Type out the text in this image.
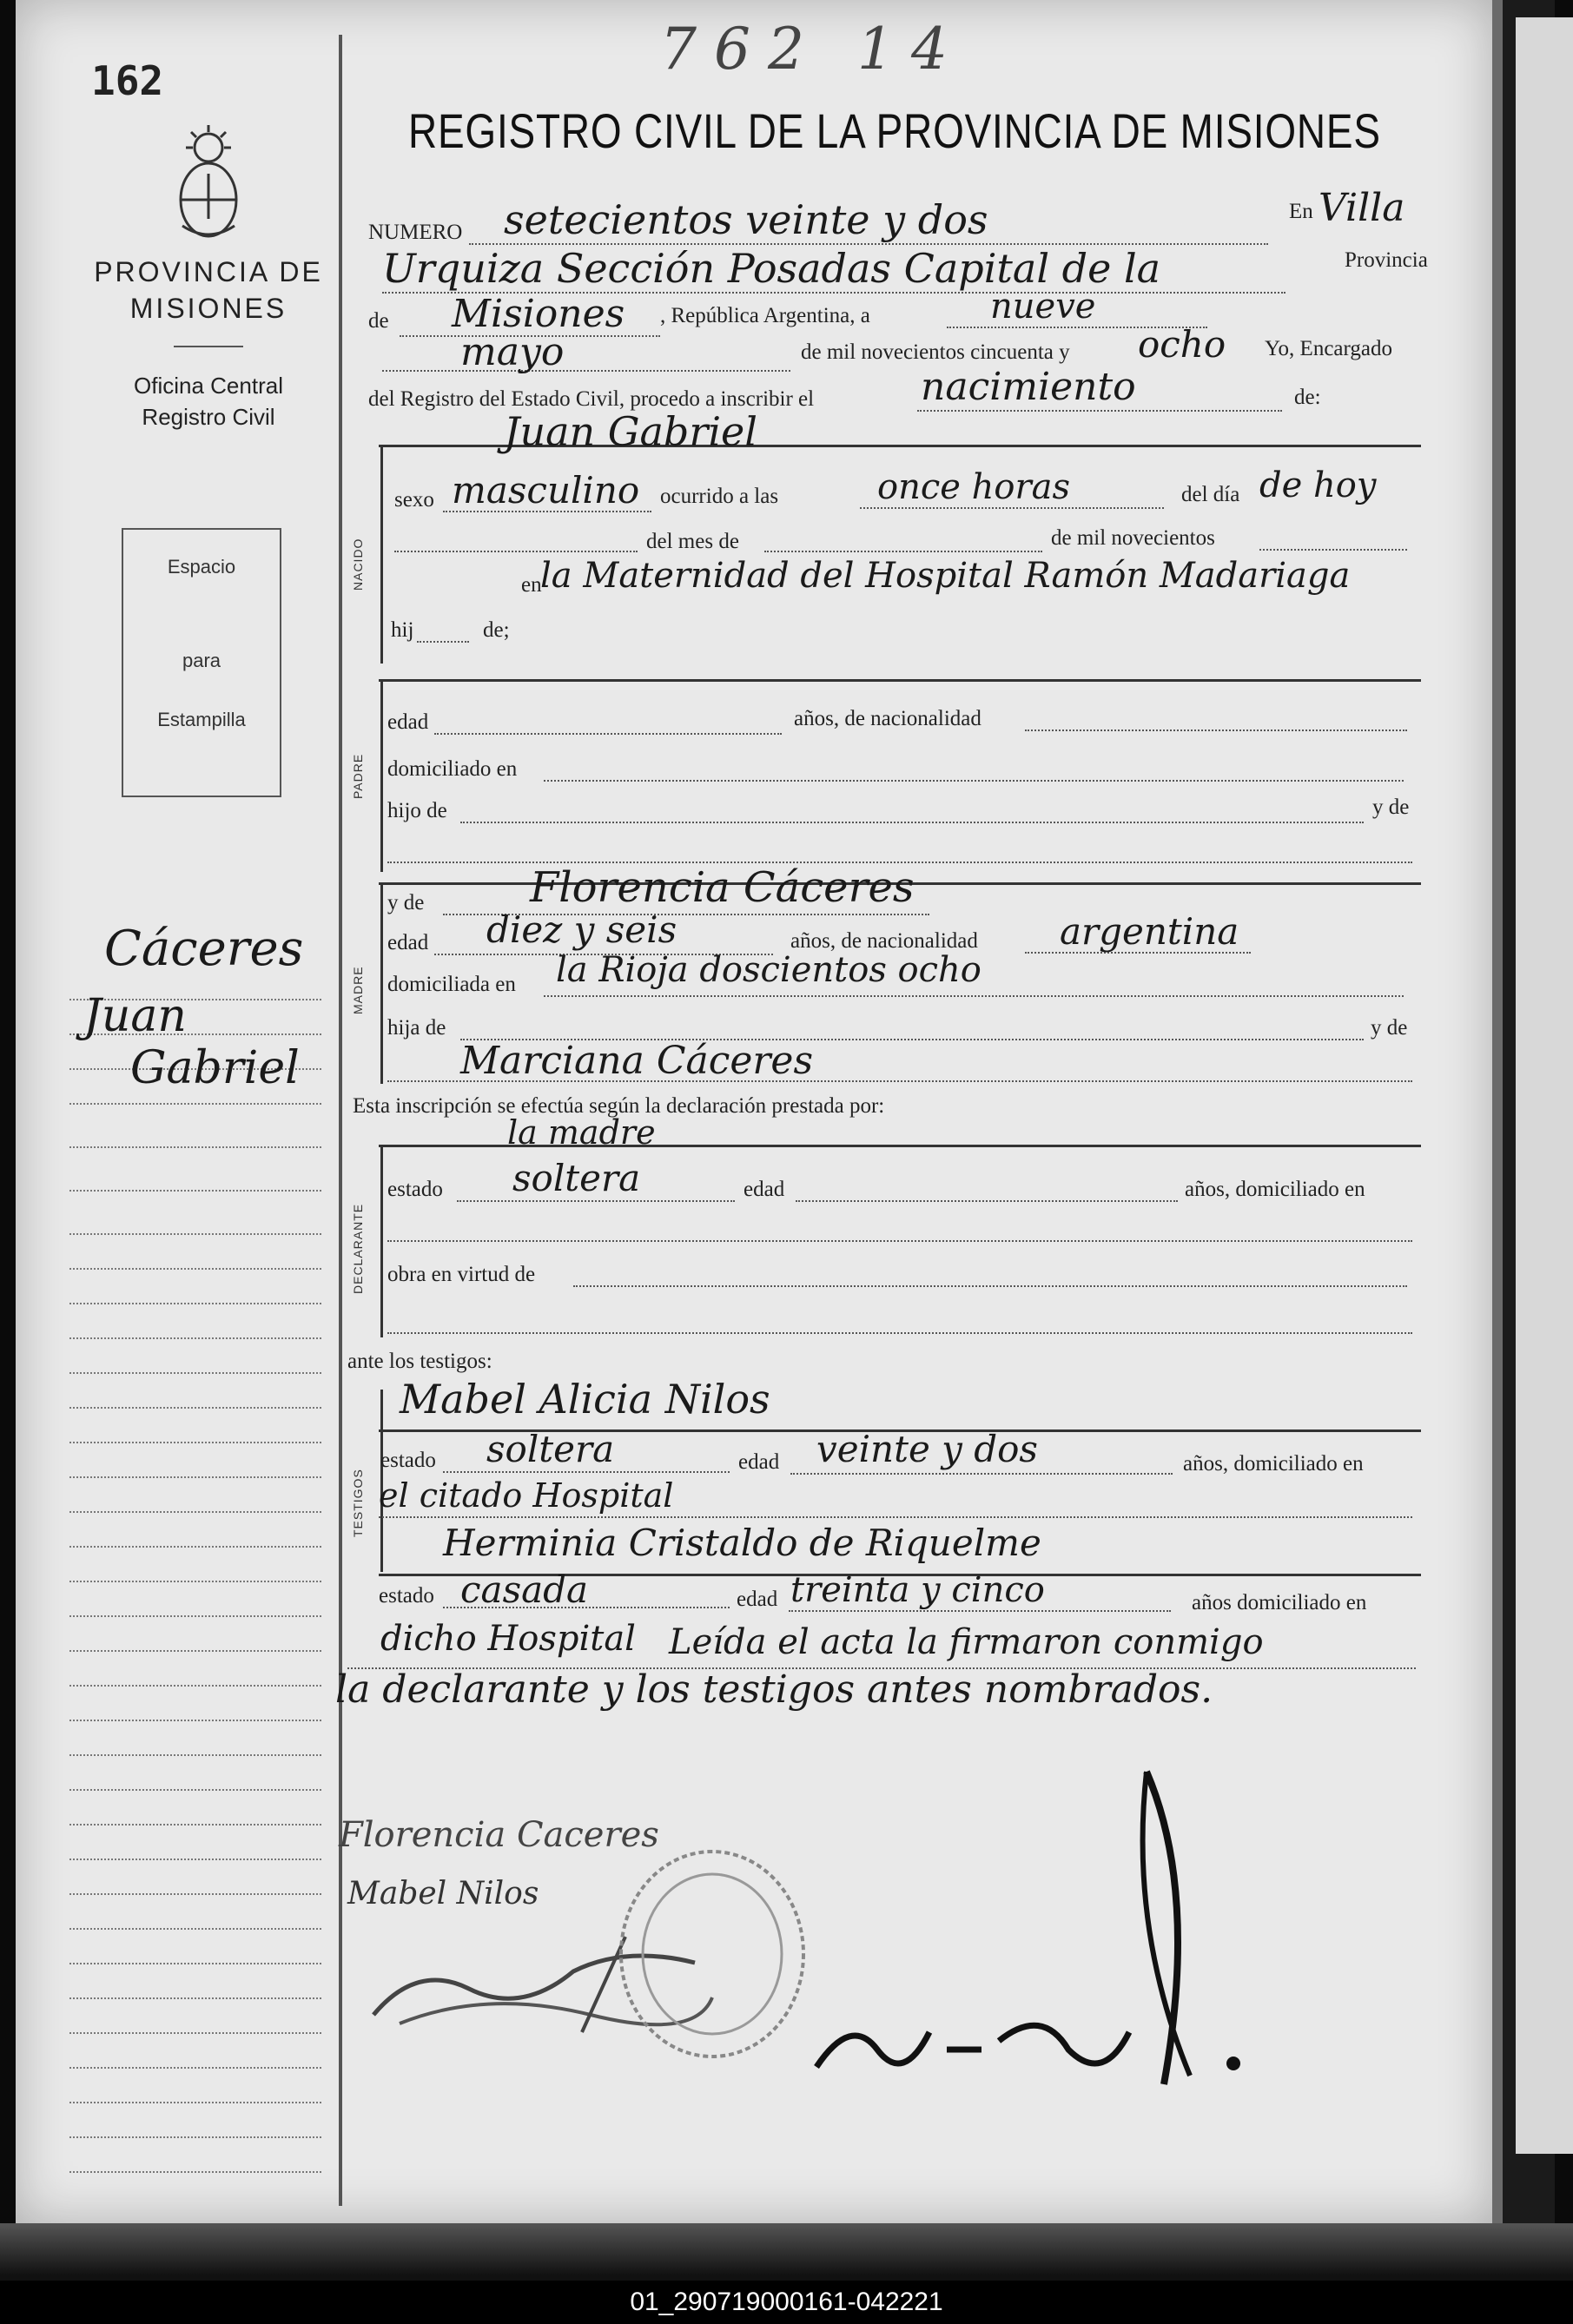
162	762 14
PROVINCIA DE MISIONES
Oficina Central Registro Civil
Espacio
para
Estampilla
Cáceres
Juan
Gabriel
REGISTRO CIVIL DE LA PROVINCIA DE MISIONES
NUMERO setecientos veinte y dos	En Villa
Urquiza Sección Posadas Capital de la	Provincia
de Misiones , República Argentina, a	nueve
mayo	de mil novecientos cincuenta y ocho Yo, Encargado
del Registro del Estado Civil, procedo a inscribir el	nacimiento	de:
Juan Gabriel
NACIDO
sexo masculino ocurrido a las	once horas	del día de hoy
del mes de	de mil novecientos
en
la Maternidad del Hospital Ramón Madariaga
hij	de;
PADRE
edad	años, de nacionalidad
domiciliado en
hijo de	y de
MADRE
y de	Florencia Cáceres
edad diez y seis	años, de nacionalidad argentina
domiciliada en la Rioja doscientos ocho
hija de	y de
Marciana Cáceres
Esta inscripción se efectúa según la declaración prestada por:
la madre
DECLARANTE
estado soltera	edad	años, domiciliado en
obra en virtud de
ante los testigos:
Mabel Alicia Nilos
TESTIGOS
estado soltera	edad veinte y dos	años, domiciliado en
el citado Hospital
Herminia Cristaldo de Riquelme
estado casada	edad treinta y cinco	años domiciliado en
dicho Hospital Leída el acta la firmaron conmigo
la declarante y los testigos antes nombrados.
Florencia Caceres
Mabel Nilos
01_290719000161-042221
